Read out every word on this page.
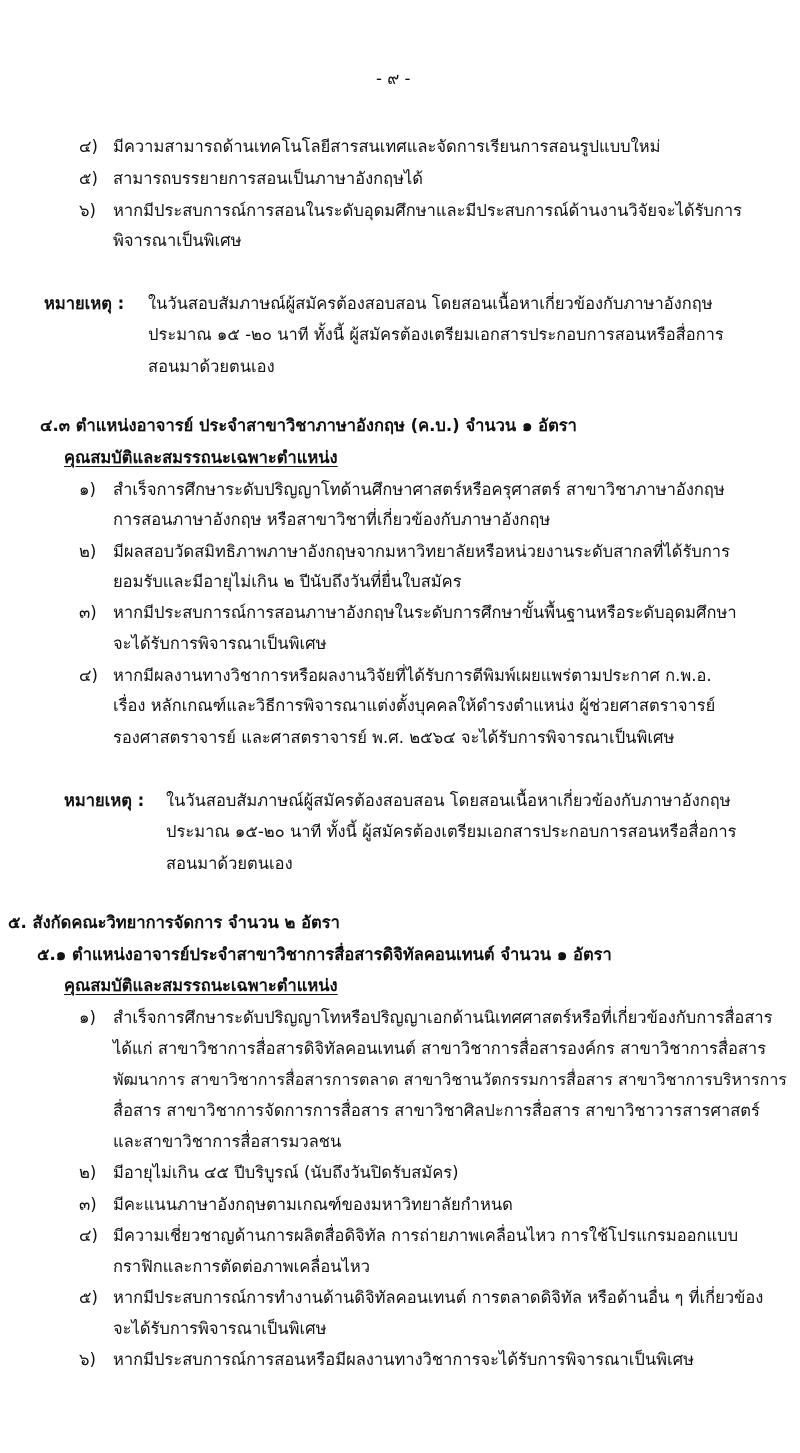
- ๙ -
๔) มีความสามารถด้านเทคโนโลยีสารสนเทศและจัดการเรียนการสอนรูปแบบใหม่
๕) สามารถบรรยายการสอนเป็นภาษาอังกฤษได้
๖) หากมีประสบการณ์การสอนในระดับอุดมศึกษาและมีประสบการณ์ด้านงานวิจัยจะได้รับการ
พิจารณาเป็นพิเศษ
หมายเหตุ : ในวันสอบสัมภาษณ์ผู้สมัครต้องสอบสอน โดยสอนเนื้อหาเกี่ยวข้องกับภาษาอังกฤษ
ประมาณ ๑๕ -๒๐ นาที ทั้งนี้ ผู้สมัครต้องเตรียมเอกสารประกอบการสอนหรือสื่อการ
สอนมาด้วยตนเอง
๔.๓ ตำแหน่งอาจารย์ ประจำสาขาวิชาภาษาอังกฤษ (ค.บ.) จำนวน ๑ อัตรา
คุณสมบัติและสมรรถนะเฉพาะตำแหน่ง
๑) สำเร็จการศึกษาระดับปริญญาโทด้านศึกษาศาสตร์หรือครุศาสตร์ สาขาวิชาภาษาอังกฤษ
การสอนภาษาอังกฤษ หรือสาขาวิชาที่เกี่ยวข้องกับภาษาอังกฤษ
๒) มีผลสอบวัดสมิทธิภาพภาษาอังกฤษจากมหาวิทยาลัยหรือหน่วยงานระดับสากลที่ได้รับการ
ยอมรับและมีอายุไม่เกิน ๒ ปีนับถึงวันที่ยื่นใบสมัคร
๓) หากมีประสบการณ์การสอนภาษาอังกฤษในระดับการศึกษาขั้นพื้นฐานหรือระดับอุดมศึกษา
จะได้รับการพิจารณาเป็นพิเศษ
๔) หากมีผลงานทางวิชาการหรือผลงานวิจัยที่ได้รับการตีพิมพ์เผยแพร่ตามประกาศ ก.พ.อ.
เรื่อง หลักเกณฑ์และวิธีการพิจารณาแต่งตั้งบุคคลให้ดำรงตำแหน่ง ผู้ช่วยศาสตราจารย์
รองศาสตราจารย์ และศาสตราจารย์ พ.ศ. ๒๕๖๔ จะได้รับการพิจารณาเป็นพิเศษ
หมายเหตุ : ในวันสอบสัมภาษณ์ผู้สมัครต้องสอบสอน โดยสอนเนื้อหาเกี่ยวข้องกับภาษาอังกฤษ
ประมาณ ๑๕-๒๐ นาที ทั้งนี้ ผู้สมัครต้องเตรียมเอกสารประกอบการสอนหรือสื่อการ
สอนมาด้วยตนเอง
๕. สังกัดคณะวิทยาการจัดการ จำนวน ๒ อัตรา
๕.๑ ตำแหน่งอาจารย์ประจำสาขาวิชาการสื่อสารดิจิทัลคอนเทนต์ จำนวน ๑ อัตรา
คุณสมบัติและสมรรถนะเฉพาะตำแหน่ง
๑) สำเร็จการศึกษาระดับปริญญาโทหรือปริญญาเอกด้านนิเทศศาสตร์หรือที่เกี่ยวข้องกับการสื่อสาร
ได้แก่ สาขาวิชาการสื่อสารดิจิทัลคอนเทนต์ สาขาวิชาการสื่อสารองค์กร สาขาวิชาการสื่อสาร
พัฒนาการ สาขาวิชาการสื่อสารการตลาด สาขาวิชานวัตกรรมการสื่อสาร สาขาวิชาการบริหารการ
สื่อสาร สาขาวิชาการจัดการการสื่อสาร สาขาวิชาศิลปะการสื่อสาร สาขาวิชาวารสารศาสตร์
และสาขาวิชาการสื่อสารมวลชน
๒) มีอายุไม่เกิน ๔๕ ปีบริบูรณ์ (นับถึงวันปิดรับสมัคร)
๓) มีคะแนนภาษาอังกฤษตามเกณฑ์ของมหาวิทยาลัยกำหนด
๔) มีความเชี่ยวชาญด้านการผลิตสื่อดิจิทัล การถ่ายภาพเคลื่อนไหว การใช้โปรแกรมออกแบบ
กราฟิกและการตัดต่อภาพเคลื่อนไหว
๕) หากมีประสบการณ์การทำงานด้านดิจิทัลคอนเทนต์ การตลาดดิจิทัล หรือด้านอื่น ๆ ที่เกี่ยวข้อง
จะได้รับการพิจารณาเป็นพิเศษ
๖) หากมีประสบการณ์การสอนหรือมีผลงานทางวิชาการจะได้รับการพิจารณาเป็นพิเศษ
